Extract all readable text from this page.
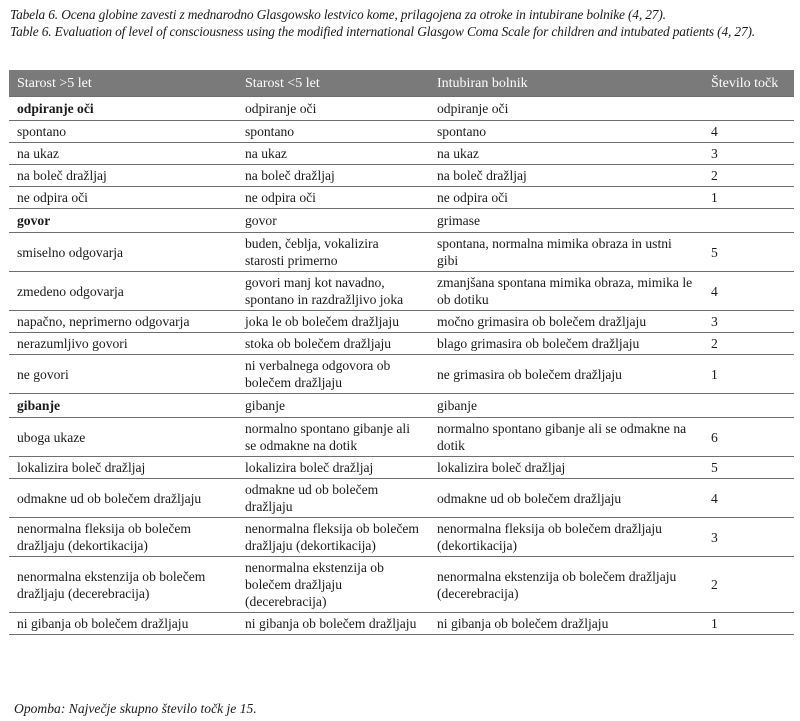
Tabela 6. Ocena globine zavesti z mednarodno Glasgowsko lestvico kome, prilagojena za otroke in intubirane bolnike (4, 27).

Table 6. Evaluation of level of consciousness using the modified international Glasgow Coma Scale for children and intubated patients (4, 27).

Starost >5 let	Starost <5 let	Intubiran bolnik	Število točk
odpiranje oči	odpiranje oči	odpiranje oči	
spontano	spontano	spontano	4
na ukaz	na ukaz	na ukaz	3
na boleč dražljaj	na boleč dražljaj	na boleč dražljaj	2
ne odpira oči	ne odpira oči	ne odpira oči	1
govor	govor	grimase	
smiselno odgovarja	buden, čeblja, vokalizira starosti primerno	spontana, normalna mimika obraza in ustni gibi	5
zmedeno odgovarja	govori manj kot navadno, spontano in razdražljivo joka	zmanjšana spontana mimika obraza, mimika le ob dotiku	4
napačno, neprimerno odgovarja	joka le ob bolečem dražljaju	močno grimasira ob bolečem dražljaju	3
nerazumljivo govori	stoka ob bolečem dražljaju	blago grimasira ob bolečem dražljaju	2
ne govori	ni verbalnega odgovora ob bolečem dražljaju	ne grimasira ob bolečem dražljaju	1
gibanje	gibanje	gibanje	
uboga ukaze	normalno spontano gibanje ali se odmakne na dotik	normalno spontano gibanje ali se odmakne na dotik	6
lokalizira boleč dražljaj	lokalizira boleč dražljaj	lokalizira boleč dražljaj	5
odmakne ud ob bolečem dražljaju	odmakne ud ob bolečem dražljaju	odmakne ud ob bolečem dražljaju	4
nenormalna fleksija ob bolečem dražljaju (dekortikacija)	nenormalna fleksija ob bolečem dražljaju (dekortikacija)	nenormalna fleksija ob bolečem dražljaju (dekortikacija)	3
nenormalna ekstenzija ob bolečem dražljaju (decerebracija)	nenormalna ekstenzija ob bolečem dražljaju (decerebracija)	nenormalna ekstenzija ob bolečem dražljaju (decerebracija)	2
ni gibanja ob bolečem dražljaju	ni gibanja ob bolečem dražljaju	ni gibanja ob bolečem dražljaju	1
Opomba: Največje skupno število točk je 15.
